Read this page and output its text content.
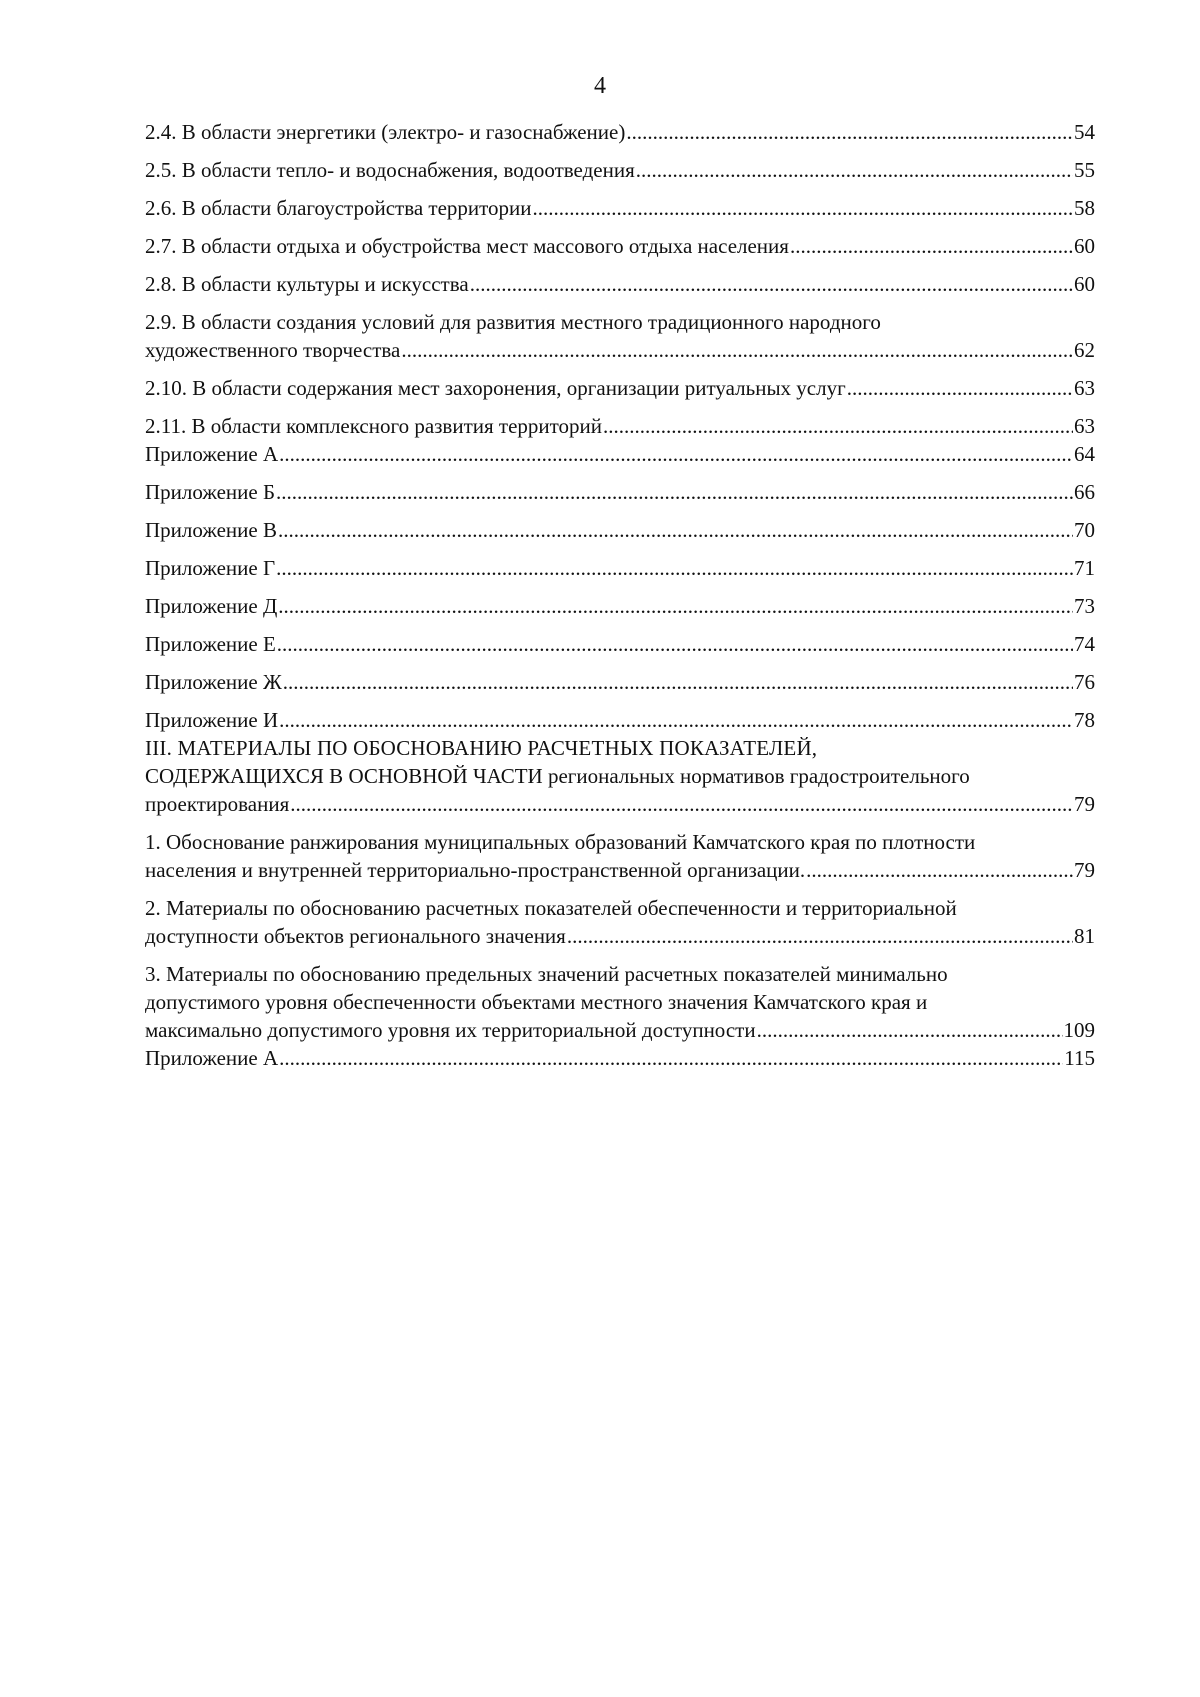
4
2.4. В области энергетики (электро- и газоснабжение) .....	54
2.5. В области тепло- и водоснабжения, водоотведения .....	55
2.6. В области благоустройства территории .....	58
2.7. В области отдыха и обустройства мест массового отдыха населения .....	60
2.8. В области культуры и искусства .....	60
2.9. В области создания условий для развития местного традиционного народного
художественного творчества .....	62
2.10. В области содержания мест захоронения, организации ритуальных услуг .....	63
2.11. В области комплексного развития территорий .....	63
Приложение А .....	64
Приложение Б .....	66
Приложение В .....	70
Приложение Г .....	71
Приложение Д .....	73
Приложение Е .....	74
Приложение Ж .....	76
Приложение И .....	78
III. МАТЕРИАЛЫ ПО ОБОСНОВАНИЮ РАСЧЕТНЫХ ПОКАЗАТЕЛЕЙ,
СОДЕРЖАЩИХСЯ В ОСНОВНОЙ ЧАСТИ региональных нормативов градостроительного
проектирования .....	79
1. Обоснование ранжирования муниципальных образований Камчатского края по плотности
населения и внутренней территориально-пространственной организации. .....	79
2. Материалы по обоснованию расчетных показателей обеспеченности и территориальной
доступности объектов регионального значения .....	81
3. Материалы по обоснованию предельных значений расчетных показателей минимально
допустимого уровня обеспеченности объектами местного значения Камчатского края и
максимально допустимого уровня их территориальной доступности .....	109
Приложение А .....	115
